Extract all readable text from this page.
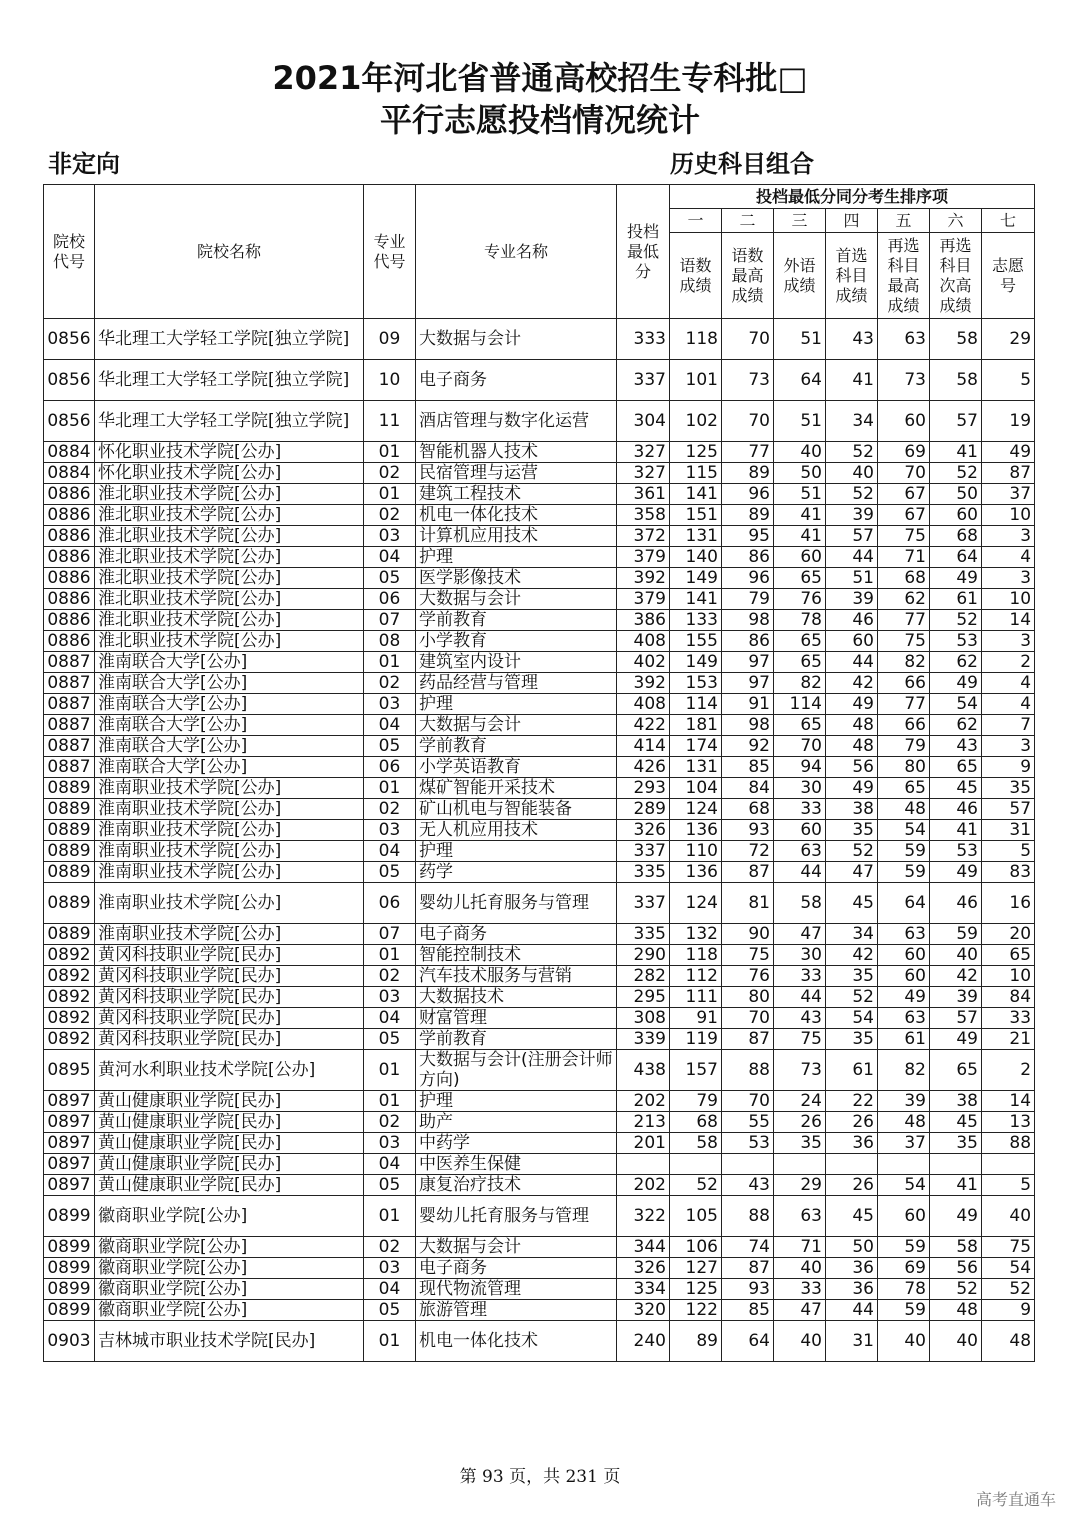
2021年河北省普通高校招生专科批□
平行志愿投档情况统计
非定向	历史科目组合
院校代号	院校名称	专业代号	专业名称	投档最低分	投档最低分同分考生排序项						
					一	二	三	四	五	六	七
					语数成绩	语数最高成绩	外语成绩	首选科目成绩	再选科目最高成绩	再选科目次高成绩	志愿号
0856	华北理工大学轻工学院[独立学院]	09	大数据与会计	333	118	70	51	43	63	58	29
0856	华北理工大学轻工学院[独立学院]	10	电子商务	337	101	73	64	41	73	58	5
0856	华北理工大学轻工学院[独立学院]	11	酒店管理与数字化运营	304	102	70	51	34	60	57	19
0884	怀化职业技术学院[公办]	01	智能机器人技术	327	125	77	40	52	69	41	49
0884	怀化职业技术学院[公办]	02	民宿管理与运营	327	115	89	50	40	70	52	87
0886	淮北职业技术学院[公办]	01	建筑工程技术	361	141	96	51	52	67	50	37
0886	淮北职业技术学院[公办]	02	机电一体化技术	358	151	89	41	39	67	60	10
0886	淮北职业技术学院[公办]	03	计算机应用技术	372	131	95	41	57	75	68	3
0886	淮北职业技术学院[公办]	04	护理	379	140	86	60	44	71	64	4
0886	淮北职业技术学院[公办]	05	医学影像技术	392	149	96	65	51	68	49	3
0886	淮北职业技术学院[公办]	06	大数据与会计	379	141	79	76	39	62	61	10
0886	淮北职业技术学院[公办]	07	学前教育	386	133	98	78	46	77	52	14
0886	淮北职业技术学院[公办]	08	小学教育	408	155	86	65	60	75	53	3
0887	淮南联合大学[公办]	01	建筑室内设计	402	149	97	65	44	82	62	2
0887	淮南联合大学[公办]	02	药品经营与管理	392	153	97	82	42	66	49	4
0887	淮南联合大学[公办]	03	护理	408	114	91	114	49	77	54	4
0887	淮南联合大学[公办]	04	大数据与会计	422	181	98	65	48	66	62	7
0887	淮南联合大学[公办]	05	学前教育	414	174	92	70	48	79	43	3
0887	淮南联合大学[公办]	06	小学英语教育	426	131	85	94	56	80	65	9
0889	淮南职业技术学院[公办]	01	煤矿智能开采技术	293	104	84	30	49	65	45	35
0889	淮南职业技术学院[公办]	02	矿山机电与智能装备	289	124	68	33	38	48	46	57
0889	淮南职业技术学院[公办]	03	无人机应用技术	326	136	93	60	35	54	41	31
0889	淮南职业技术学院[公办]	04	护理	337	110	72	63	52	59	53	5
0889	淮南职业技术学院[公办]	05	药学	335	136	87	44	47	59	49	83
0889	淮南职业技术学院[公办]	06	婴幼儿托育服务与管理	337	124	81	58	45	64	46	16
0889	淮南职业技术学院[公办]	07	电子商务	335	132	90	47	34	63	59	20
0892	黄冈科技职业学院[民办]	01	智能控制技术	290	118	75	30	42	60	40	65
0892	黄冈科技职业学院[民办]	02	汽车技术服务与营销	282	112	76	33	35	60	42	10
0892	黄冈科技职业学院[民办]	03	大数据技术	295	111	80	44	52	49	39	84
0892	黄冈科技职业学院[民办]	04	财富管理	308	91	70	43	54	63	57	33
0892	黄冈科技职业学院[民办]	05	学前教育	339	119	87	75	35	61	49	21
0895	黄河水利职业技术学院[公办]	01	大数据与会计(注册会计师方向)	438	157	88	73	61	82	65	2
0897	黄山健康职业学院[民办]	01	护理	202	79	70	24	22	39	38	14
0897	黄山健康职业学院[民办]	02	助产	213	68	55	26	26	48	45	13
0897	黄山健康职业学院[民办]	03	中药学	201	58	53	35	36	37	35	88
0897	黄山健康职业学院[民办]	04	中医养生保健								
0897	黄山健康职业学院[民办]	05	康复治疗技术	202	52	43	29	26	54	41	5
0899	徽商职业学院[公办]	01	婴幼儿托育服务与管理	322	105	88	63	45	60	49	40
0899	徽商职业学院[公办]	02	大数据与会计	344	106	74	71	50	59	58	75
0899	徽商职业学院[公办]	03	电子商务	326	127	87	40	36	69	56	54
0899	徽商职业学院[公办]	04	现代物流管理	334	125	93	33	36	78	52	52
0899	徽商职业学院[公办]	05	旅游管理	320	122	85	47	44	59	48	9
0903	吉林城市职业技术学院[民办]	01	机电一体化技术	240	89	64	40	31	40	40	48
第 93 页，共 231 页
高考直通车
